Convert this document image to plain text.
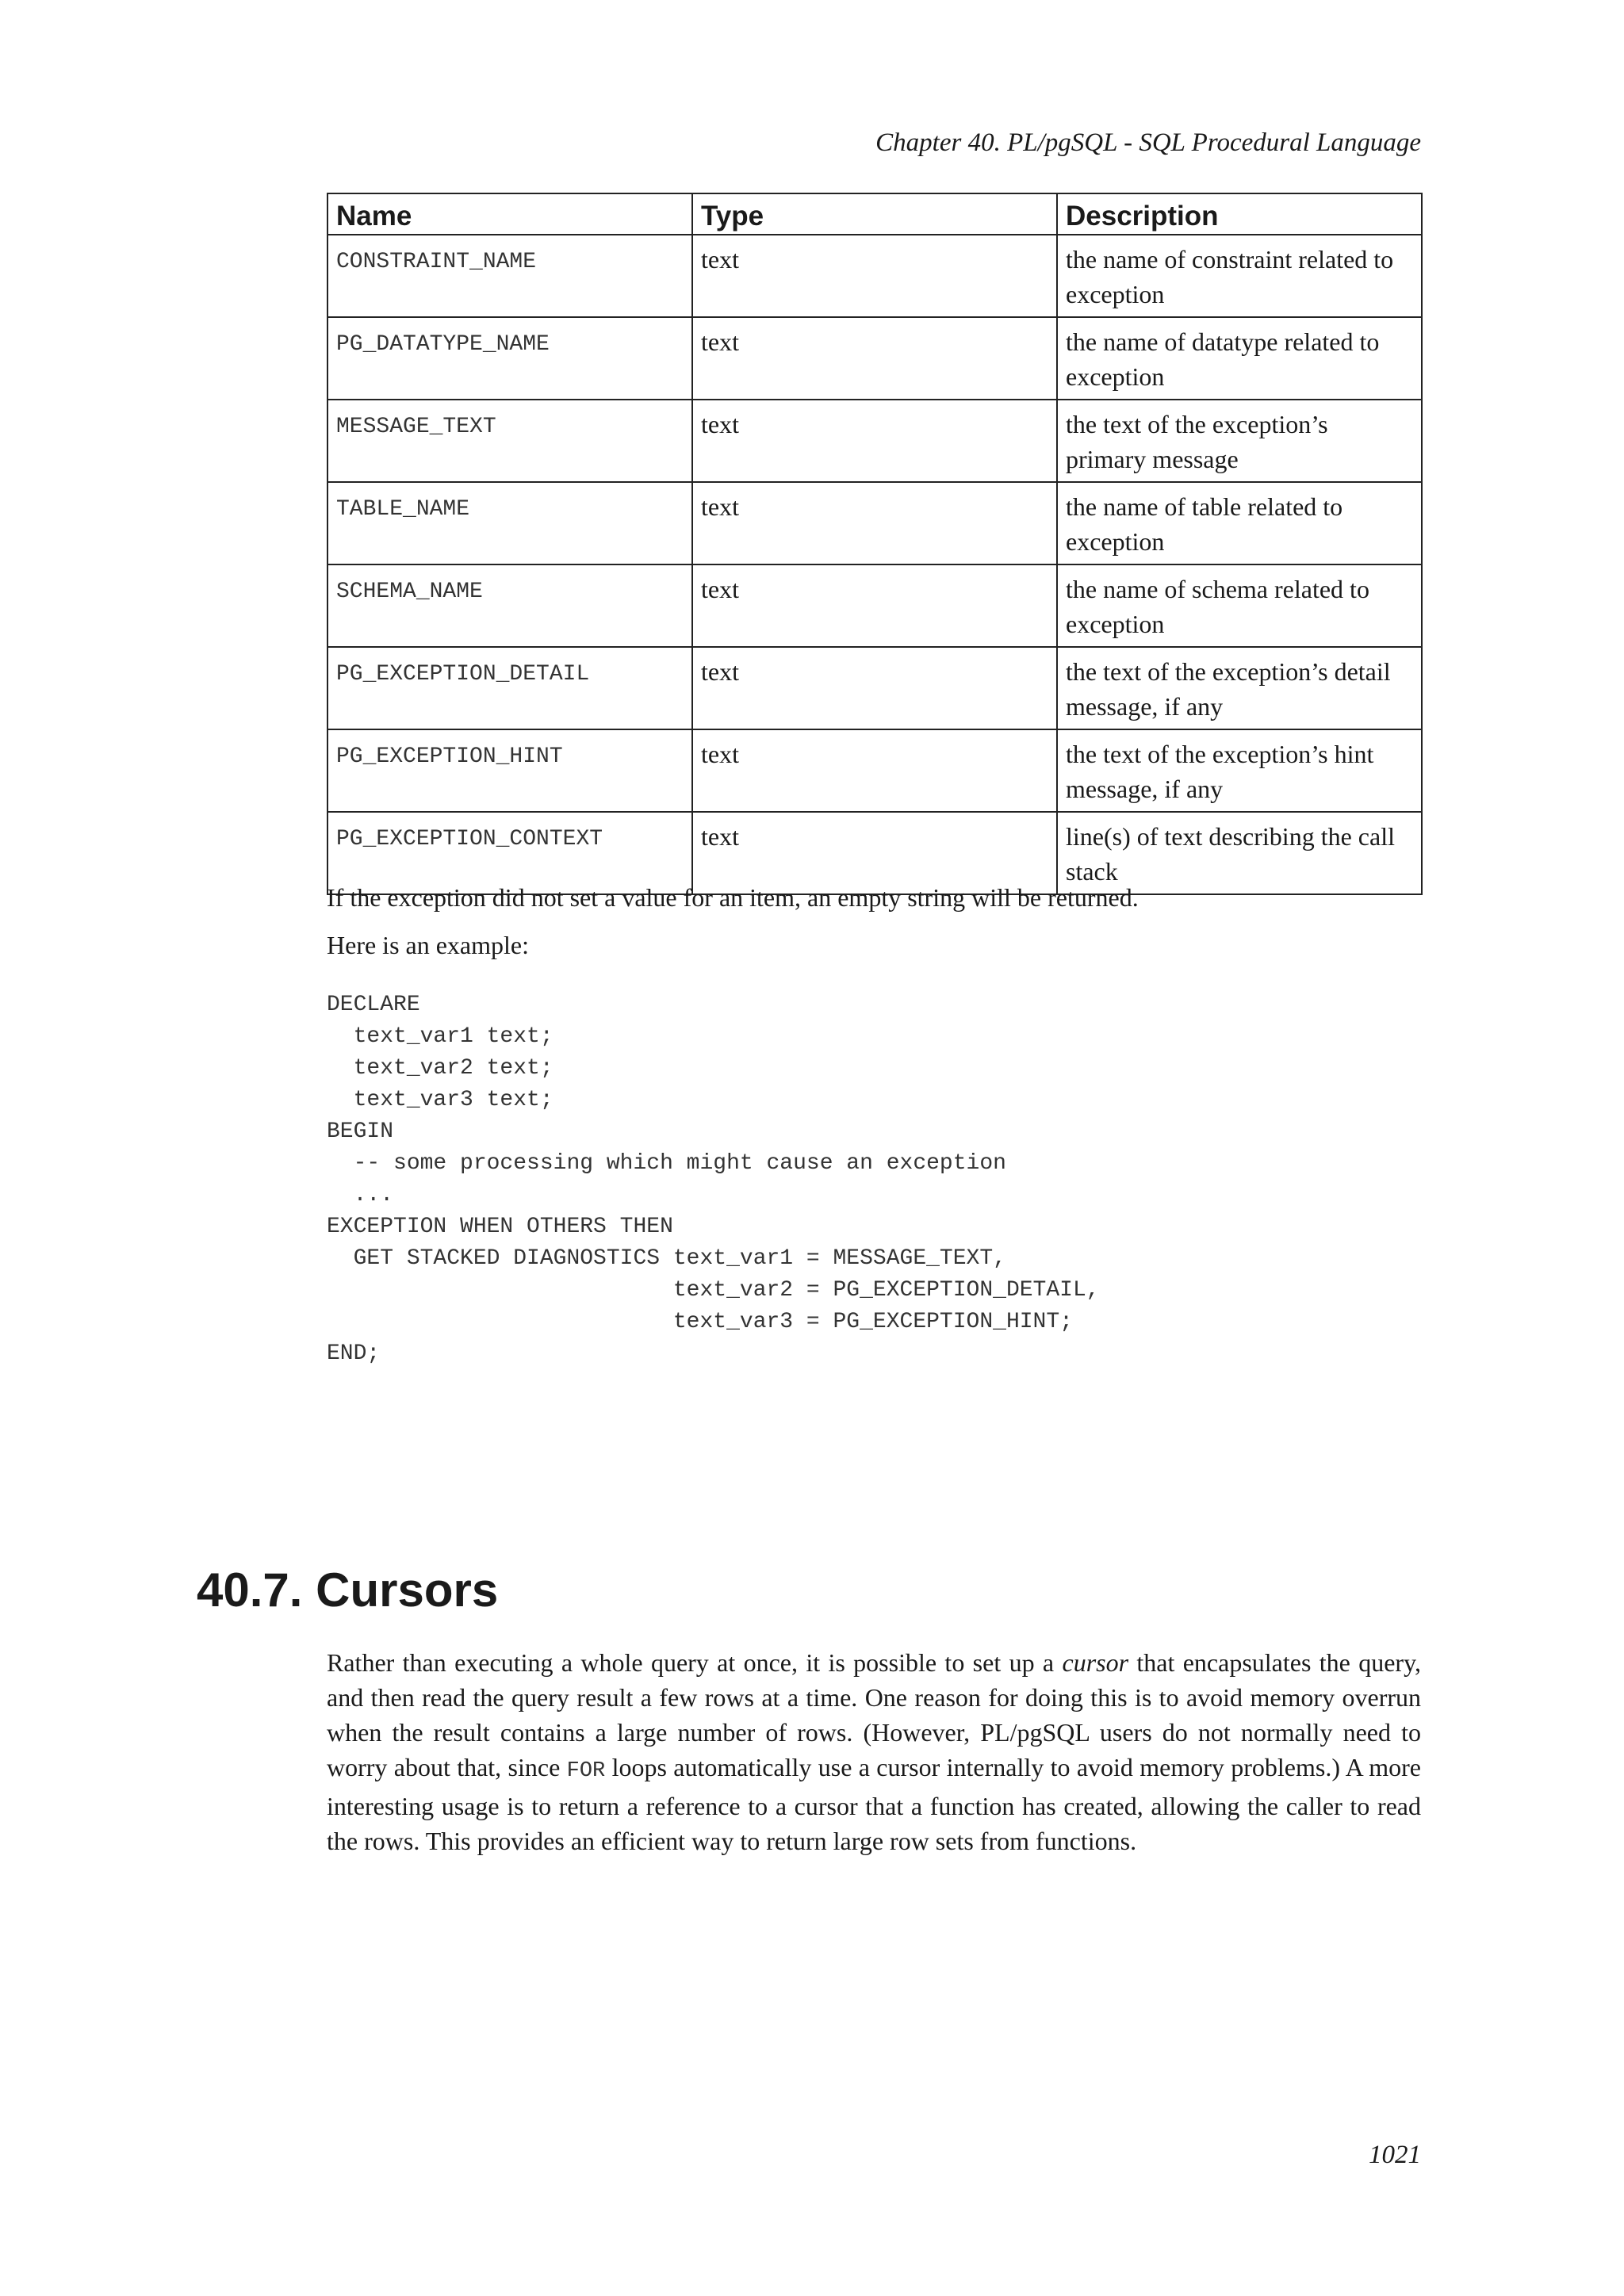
Chapter 40. PL/pgSQL - SQL Procedural Language
Name	Type	Description
CONSTRAINT_NAME	text	the name of constraint related to exception
PG_DATATYPE_NAME	text	the name of datatype related to exception
MESSAGE_TEXT	text	the text of the exception’s primary message
TABLE_NAME	text	the name of table related to exception
SCHEMA_NAME	text	the name of schema related to exception
PG_EXCEPTION_DETAIL	text	the text of the exception’s detail message, if any
PG_EXCEPTION_HINT	text	the text of the exception’s hint message, if any
PG_EXCEPTION_CONTEXT	text	line(s) of text describing the call stack

If the exception did not set a value for an item, an empty string will be returned.

Here is an example:

DECLARE
text_var1 text;
text_var2 text;
text_var3 text;
BEGIN
-- some processing which might cause an exception
...
EXCEPTION WHEN OTHERS THEN
GET STACKED DIAGNOSTICS text_var1 = MESSAGE_TEXT,
text_var2 = PG_EXCEPTION_DETAIL,
text_var3 = PG_EXCEPTION_HINT;
END;
40.7. Cursors

Rather than executing a whole query at once, it is possible to set up a cursor that encapsulates the query, and then read the query result a few rows at a time. One reason for doing this is to avoid memory overrun when the result contains a large number of rows. (However, PL/pgSQL users do not normally need to worry about that, since FOR loops automatically use a cursor internally to avoid memory problems.) A more interesting usage is to return a reference to a cursor that a function has created, allowing the caller to read the rows. This provides an efficient way to return large row sets from functions.

1021
